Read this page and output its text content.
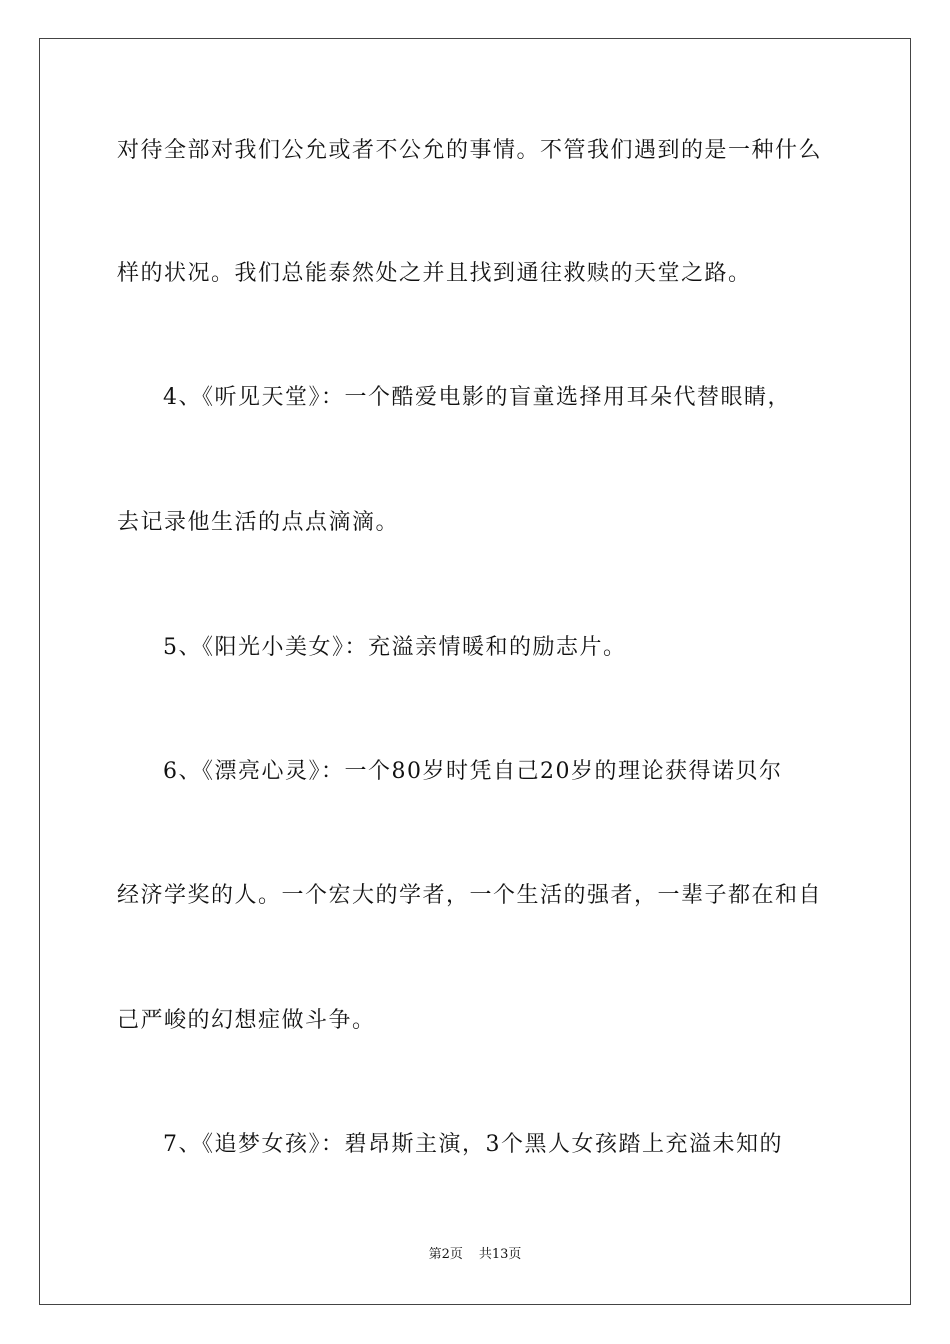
对待全部对我们公允或者不公允的事情。不管我们遇到的是一种什么
样的状况。我们总能泰然处之并且找到通往救赎的天堂之路。
4、《听见天堂》：一个酷爱电影的盲童选择用耳朵代替眼睛，
去记录他生活的点点滴滴。
5、《阳光小美女》：充溢亲情暖和的励志片。
6、《漂亮心灵》：一个80岁时凭自己20岁的理论获得诺贝尔
经济学奖的人。一个宏大的学者，一个生活的强者，一辈子都在和自
己严峻的幻想症做斗争。
7、《追梦女孩》：碧昂斯主演，3个黑人女孩踏上充溢未知的
第2页 共13页
